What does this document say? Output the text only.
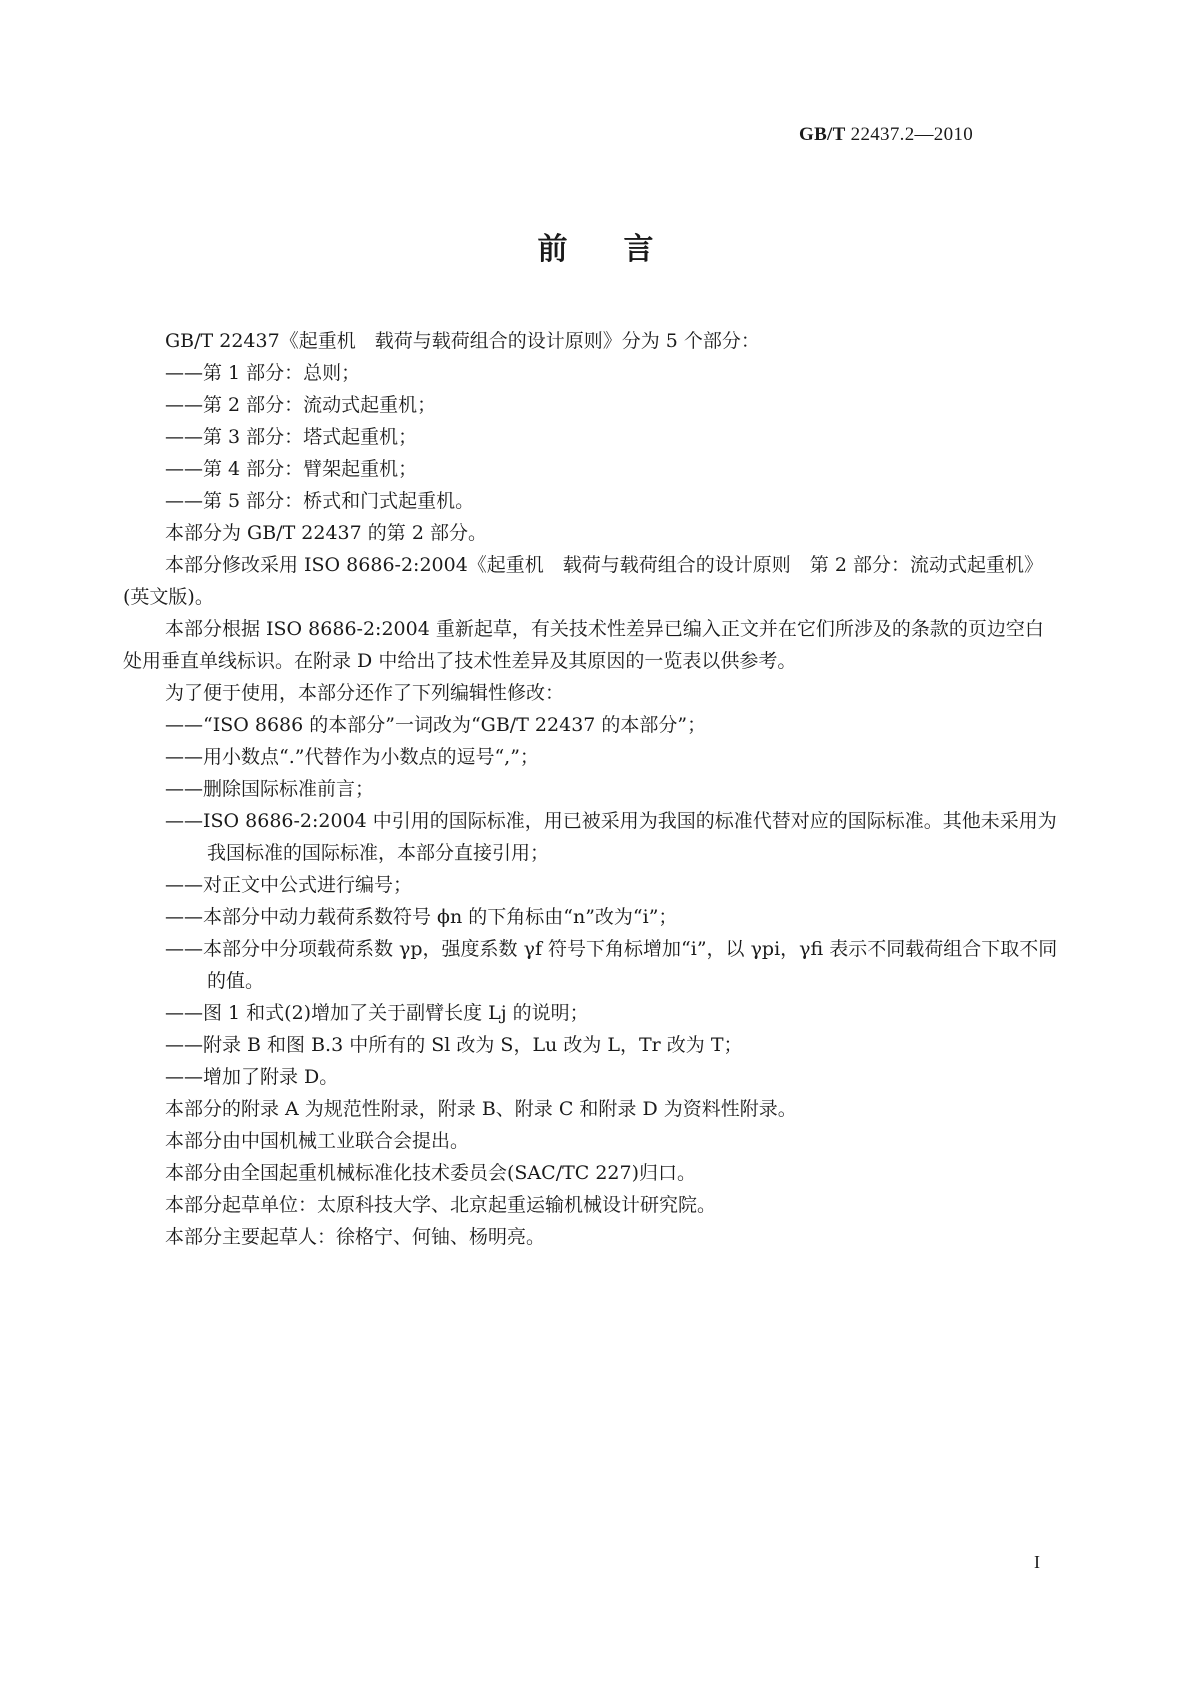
GB/T 22437.2—2010
前言

GB/T 22437《起重机　载荷与载荷组合的设计原则》分为 5 个部分：

——第 1 部分：总则；

——第 2 部分：流动式起重机；

——第 3 部分：塔式起重机；

——第 4 部分：臂架起重机；

——第 5 部分：桥式和门式起重机。

本部分为 GB/T 22437 的第 2 部分。

本部分修改采用 ISO 8686-2:2004《起重机　载荷与载荷组合的设计原则　第 2 部分：流动式起重机》(英文版)。

本部分根据 ISO 8686-2:2004 重新起草，有关技术性差异已编入正文并在它们所涉及的条款的页边空白处用垂直单线标识。在附录 D 中给出了技术性差异及其原因的一览表以供参考。

为了便于使用，本部分还作了下列编辑性修改：

——“ISO 8686 的本部分”一词改为“GB/T 22437 的本部分”；

——用小数点“.”代替作为小数点的逗号“,”；

——删除国际标准前言；

——ISO 8686-2:2004 中引用的国际标准，用已被采用为我国的标准代替对应的国际标准。其他未采用为我国标准的国际标准，本部分直接引用；

——对正文中公式进行编号；

——本部分中动力载荷系数符号 ϕn 的下角标由“n”改为“i”；

——本部分中分项载荷系数 γp，强度系数 γf 符号下角标增加“i”，以 γpi，γfi 表示不同载荷组合下取不同的值。

——图 1 和式(2)增加了关于副臂长度 Lj 的说明；

——附录 B 和图 B.3 中所有的 Sl 改为 S，Lu 改为 L，Tr 改为 T；

——增加了附录 D。

本部分的附录 A 为规范性附录，附录 B、附录 C 和附录 D 为资料性附录。

本部分由中国机械工业联合会提出。

本部分由全国起重机械标准化技术委员会(SAC/TC 227)归口。

本部分起草单位：太原科技大学、北京起重运输机械设计研究院。

本部分主要起草人：徐格宁、何铀、杨明亮。

I
